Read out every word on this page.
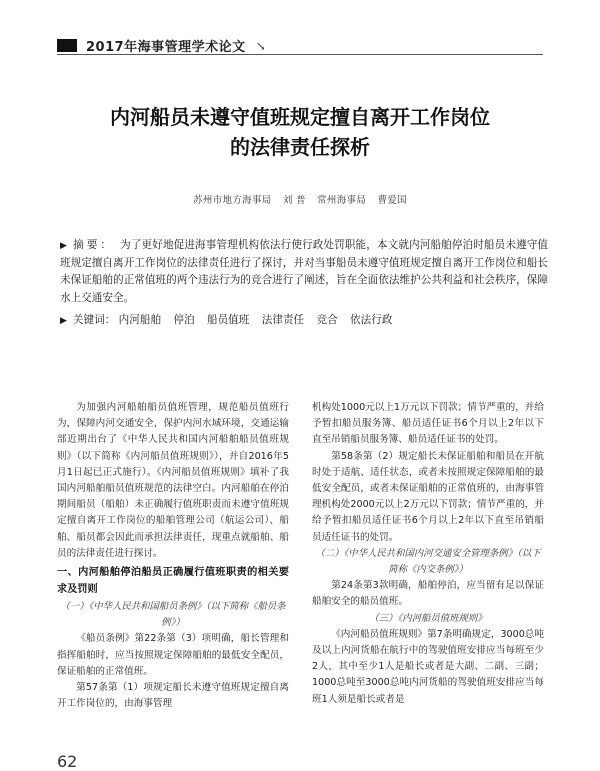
2017年海事管理学术论文 ↘
内河船员未遵守值班规定擅自离开工作岗位
的法律责任探析
苏州市地方海事局 刘 普 常州海事局 曹爱国
▶ 摘要： 为了更好地促进海事管理机构依法行使行政处罚职能，本文就内河船舶停泊时船员未遵守值班规定擅自离开工作岗位的法律责任进行了探讨，并对当事船员未遵守值班规定擅自离开工作岗位和船长未保证船舶的正常值班的两个违法行为的竞合进行了阐述，旨在全面依法维护公共利益和社会秩序，保障水上交通安全。
▶ 关键词： 内河船舶 停泊 船员值班 法律责任 竞合 依法行政

为加强内河船舶船员值班管理，规范船员值班行为，保障内河交通安全，保护内河水域环境，交通运输部近期出台了《中华人民共和国内河船舶船员值班规则》（以下简称《内河船员值班规则》），并自2016年5月1日起已正式施行）。《内河船员值班规则》填补了我国内河船舶船员值班规范的法律空白。内河船舶在停泊期间船员（船舶）未正确履行值班职责而未遵守值班规定擅自离开工作岗位的船舶管理公司（航运公司）、船舶、船员都会因此而承担法律责任，现重点就船舶、船员的法律责任进行探讨。

一、内河船舶停泊船员正确履行值班职责的相关要求及罚则

（一）《中华人民共和国船员条例》（以下简称《船员条例》）

《船员条例》第22条第（3）项明确，船长管理和指挥船舶时，应当按照规定保障船舶的最低安全配员，保证船舶的正常值班。

第57条第（1）项规定船长未遵守值班规定擅自离开工作岗位的，由海事管理

机构处1000元以上1万元以下罚款；情节严重的，并给予暂扣船员服务簿、船员适任证书6个月以上2年以下直至吊销船员服务簿、船员适任证书的处罚。

第58条第（2）规定船长未保证船舶和船员在开航时处于适航、适任状态，或者未按照规定保障船舶的最低安全配员，或者未保证船舶的正常值班的，由海事管理机构处2000元以上2万元以下罚款；情节严重的，并给予暂扣船员适任证书6个月以上2年以下直至吊销船员适任证书的处罚。

（二）《中华人民共和国内河交通安全管理条例》（以下简称《内交条例》）

第24条第3款明确，船舶停泊，应当留有足以保证船舶安全的船员值班。

（三）《内河船员值班规则》

《内河船员值班规则》第7条明确规定，3000总吨及以上内河货船在航行中的驾驶值班安排应当每班至少2人，其中至少1人是船长或者是大副、二副、三副；1000总吨至3000总吨内河货船的驾驶值班安排应当每班1人须是船长或者是

62
